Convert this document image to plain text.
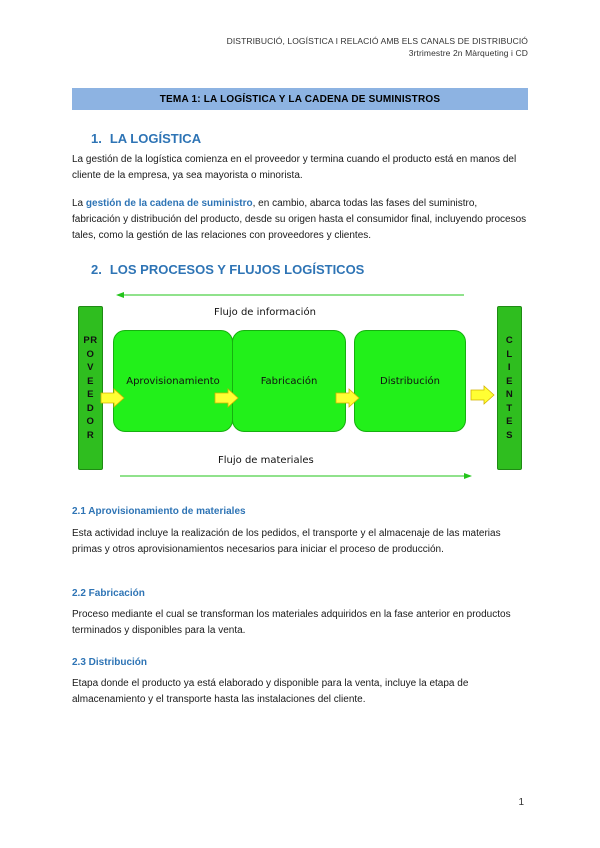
DISTRIBUCIÓ, LOGÍSTICA I RELACIÓ AMB ELS CANALS DE DISTRIBUCIÓ
3rtrimestre 2n Màrqueting i CD
TEMA 1: LA LOGÍSTICA Y LA CADENA DE SUMINISTROS
1. LA LOGÍSTICA
La gestión de la logística comienza en el proveedor y termina cuando el producto está en manos del cliente de la empresa, ya sea mayorista o minorista.
La gestión de la cadena de suministro, en cambio, abarca todas las fases del suministro, fabricación y distribución del producto, desde su origen hasta el consumidor final, incluyendo procesos tales, como la gestión de las relaciones con proveedores y clientes.
2. LOS PROCESOS Y FLUJOS LOGÍSTICOS
Flujo de información
Flujo de materiales
PR
O
V
E
E
D
O
R
C
L
I
E
N
T
E
S
Aprovisionamiento	Fabricación	Distribución
2.1 Aprovisionamiento de materiales
Esta actividad incluye la realización de los pedidos, el transporte y el almacenaje de las materias primas y otros aprovisionamientos necesarios para iniciar el proceso de producción.
2.2 Fabricación
Proceso mediante el cual se transforman los materiales adquiridos en la fase anterior en productos terminados y disponibles para la venta.
2.3 Distribución
Etapa donde el producto ya está elaborado y disponible para la venta, incluye la etapa de almacenamiento y el transporte hasta las instalaciones del cliente.
1
